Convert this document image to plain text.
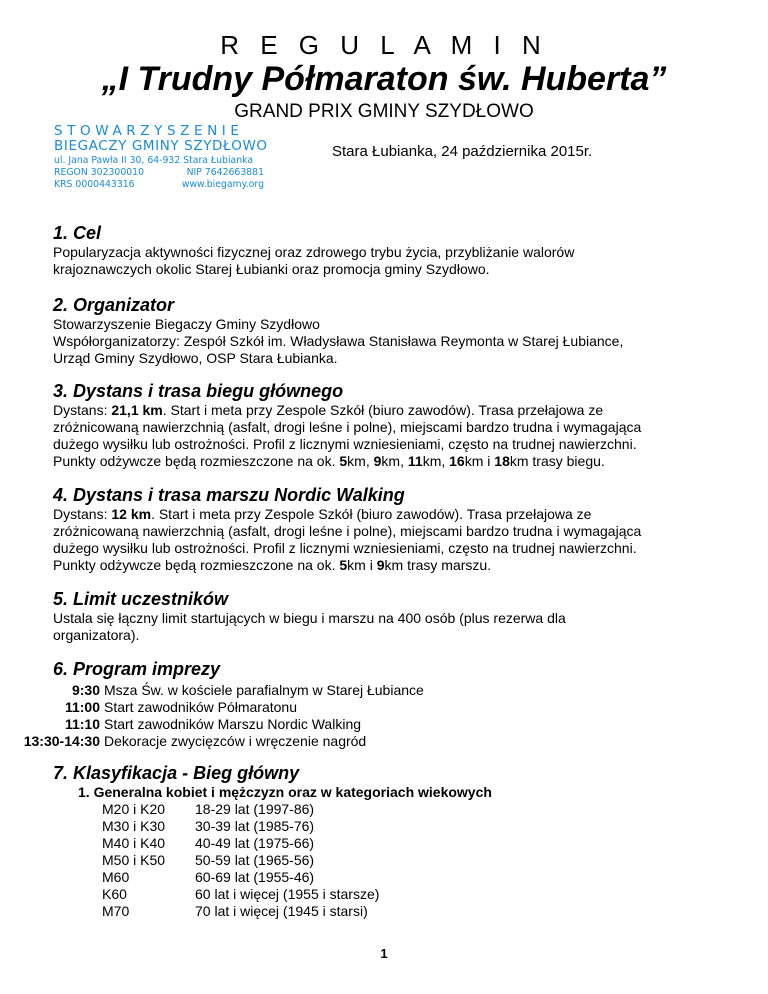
R E G U L A M I N
„I Trudny Półmaraton św. Huberta”
GRAND PRIX GMINY SZYDŁOWO
STOWARZYSZENIE
BIEGACZY GMINY SZYDŁOWO
ul. Jana Pawła II 30, 64-932 Stara Łubianka
REGON 302300010	NIP 7642663881
KRS 0000443316	www.biegamy.org
Stara Łubianka, 24 października 2015r.
1. Cel

Popularyzacja aktywności fizycznej oraz zdrowego trybu życia, przybliżanie walorów

krajoznawczych okolic Starej Łubianki oraz promocja gminy Szydłowo.

2. Organizator

Stowarzyszenie Biegaczy Gminy Szydłowo

Współorganizatorzy: Zespół Szkół im. Władysława Stanisława Reymonta w Starej Łubiance,

Urząd Gminy Szydłowo, OSP Stara Łubianka.

3. Dystans i trasa biegu głównego

Dystans: 21,1 km. Start i meta przy Zespole Szkół (biuro zawodów). Trasa przełajowa ze

zróżnicowaną nawierzchnią (asfalt, drogi leśne i polne), miejscami bardzo trudna i wymagająca

dużego wysiłku lub ostrożności. Profil z licznymi wzniesieniami, często na trudnej nawierzchni.

Punkty odżywcze będą rozmieszczone na ok. 5km, 9km, 11km, 16km i 18km trasy biegu.

4. Dystans i trasa marszu Nordic Walking

Dystans: 12 km. Start i meta przy Zespole Szkół (biuro zawodów). Trasa przełajowa ze

zróżnicowaną nawierzchnią (asfalt, drogi leśne i polne), miejscami bardzo trudna i wymagająca

dużego wysiłku lub ostrożności. Profil z licznymi wzniesieniami, często na trudnej nawierzchni.

Punkty odżywcze będą rozmieszczone na ok. 5km i 9km trasy marszu.

5. Limit uczestników

Ustala się łączny limit startujących w biegu i marszu na 400 osób (plus rezerwa dla

organizatora).

6. Program imprezy
9:30 Msza Św. w kościele parafialnym w Starej Łubiance
11:00 Start zawodników Półmaratonu
11:10 Start zawodników Marszu Nordic Walking
13:30-14:30 Dekoracje zwycięzców i wręczenie nagród
7. Klasyfikacja - Bieg główny
1. Generalna kobiet i mężczyzn oraz w kategoriach wiekowych
M20 i K20	18-29 lat (1997-86)
M30 i K30	30-39 lat (1985-76)
M40 i K40	40-49 lat (1975-66)
M50 i K50	50-59 lat (1965-56)
M60	60-69 lat (1955-46)
K60	60 lat i więcej (1955 i starsze)
M70	70 lat i więcej (1945 i starsi)
1
